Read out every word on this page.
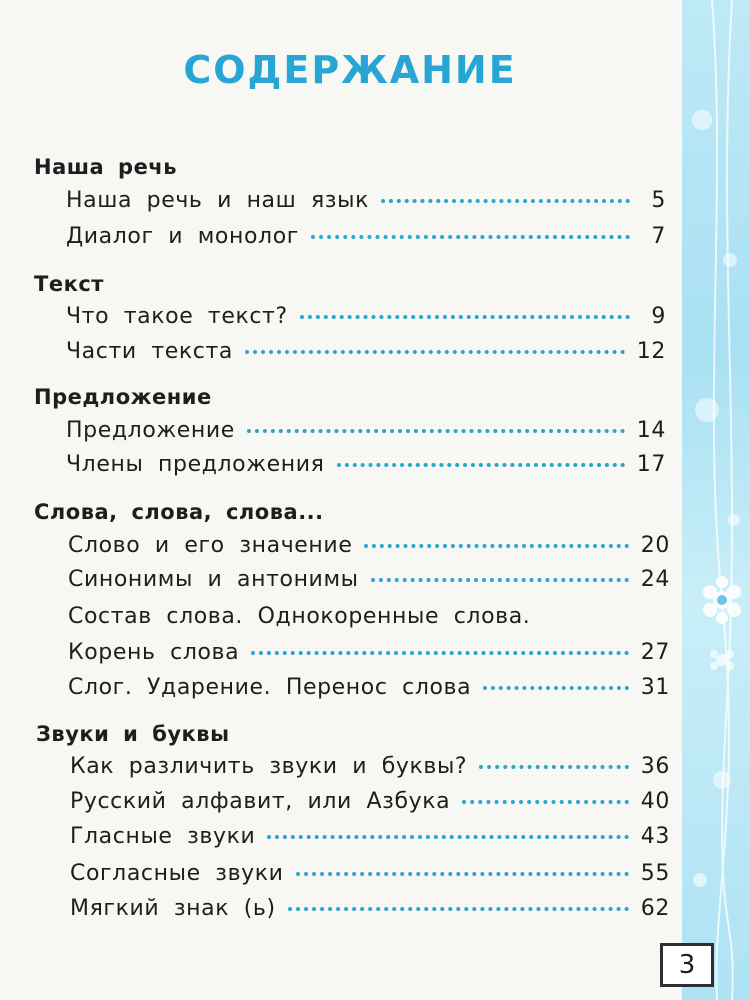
СОДЕРЖАНИЕ
Наша речь
Наша речь и наш язык	5
Диалог и монолог	7
Текст
Что такое текст?	9
Части текста	12
Предложение
Предложение	14
Члены предложения	17
Слова, слова, слова...
Слово и его значение	20
Синонимы и антонимы	24
Состав слова. Однокоренные слова.
Корень слова	27
Слог. Ударение. Перенос слова	31
Звуки и буквы
Как различить звуки и буквы?	36
Русский алфавит, или Азбука	40
Гласные звуки	43
Согласные звуки	55
Мягкий знак (ь)	62
3
